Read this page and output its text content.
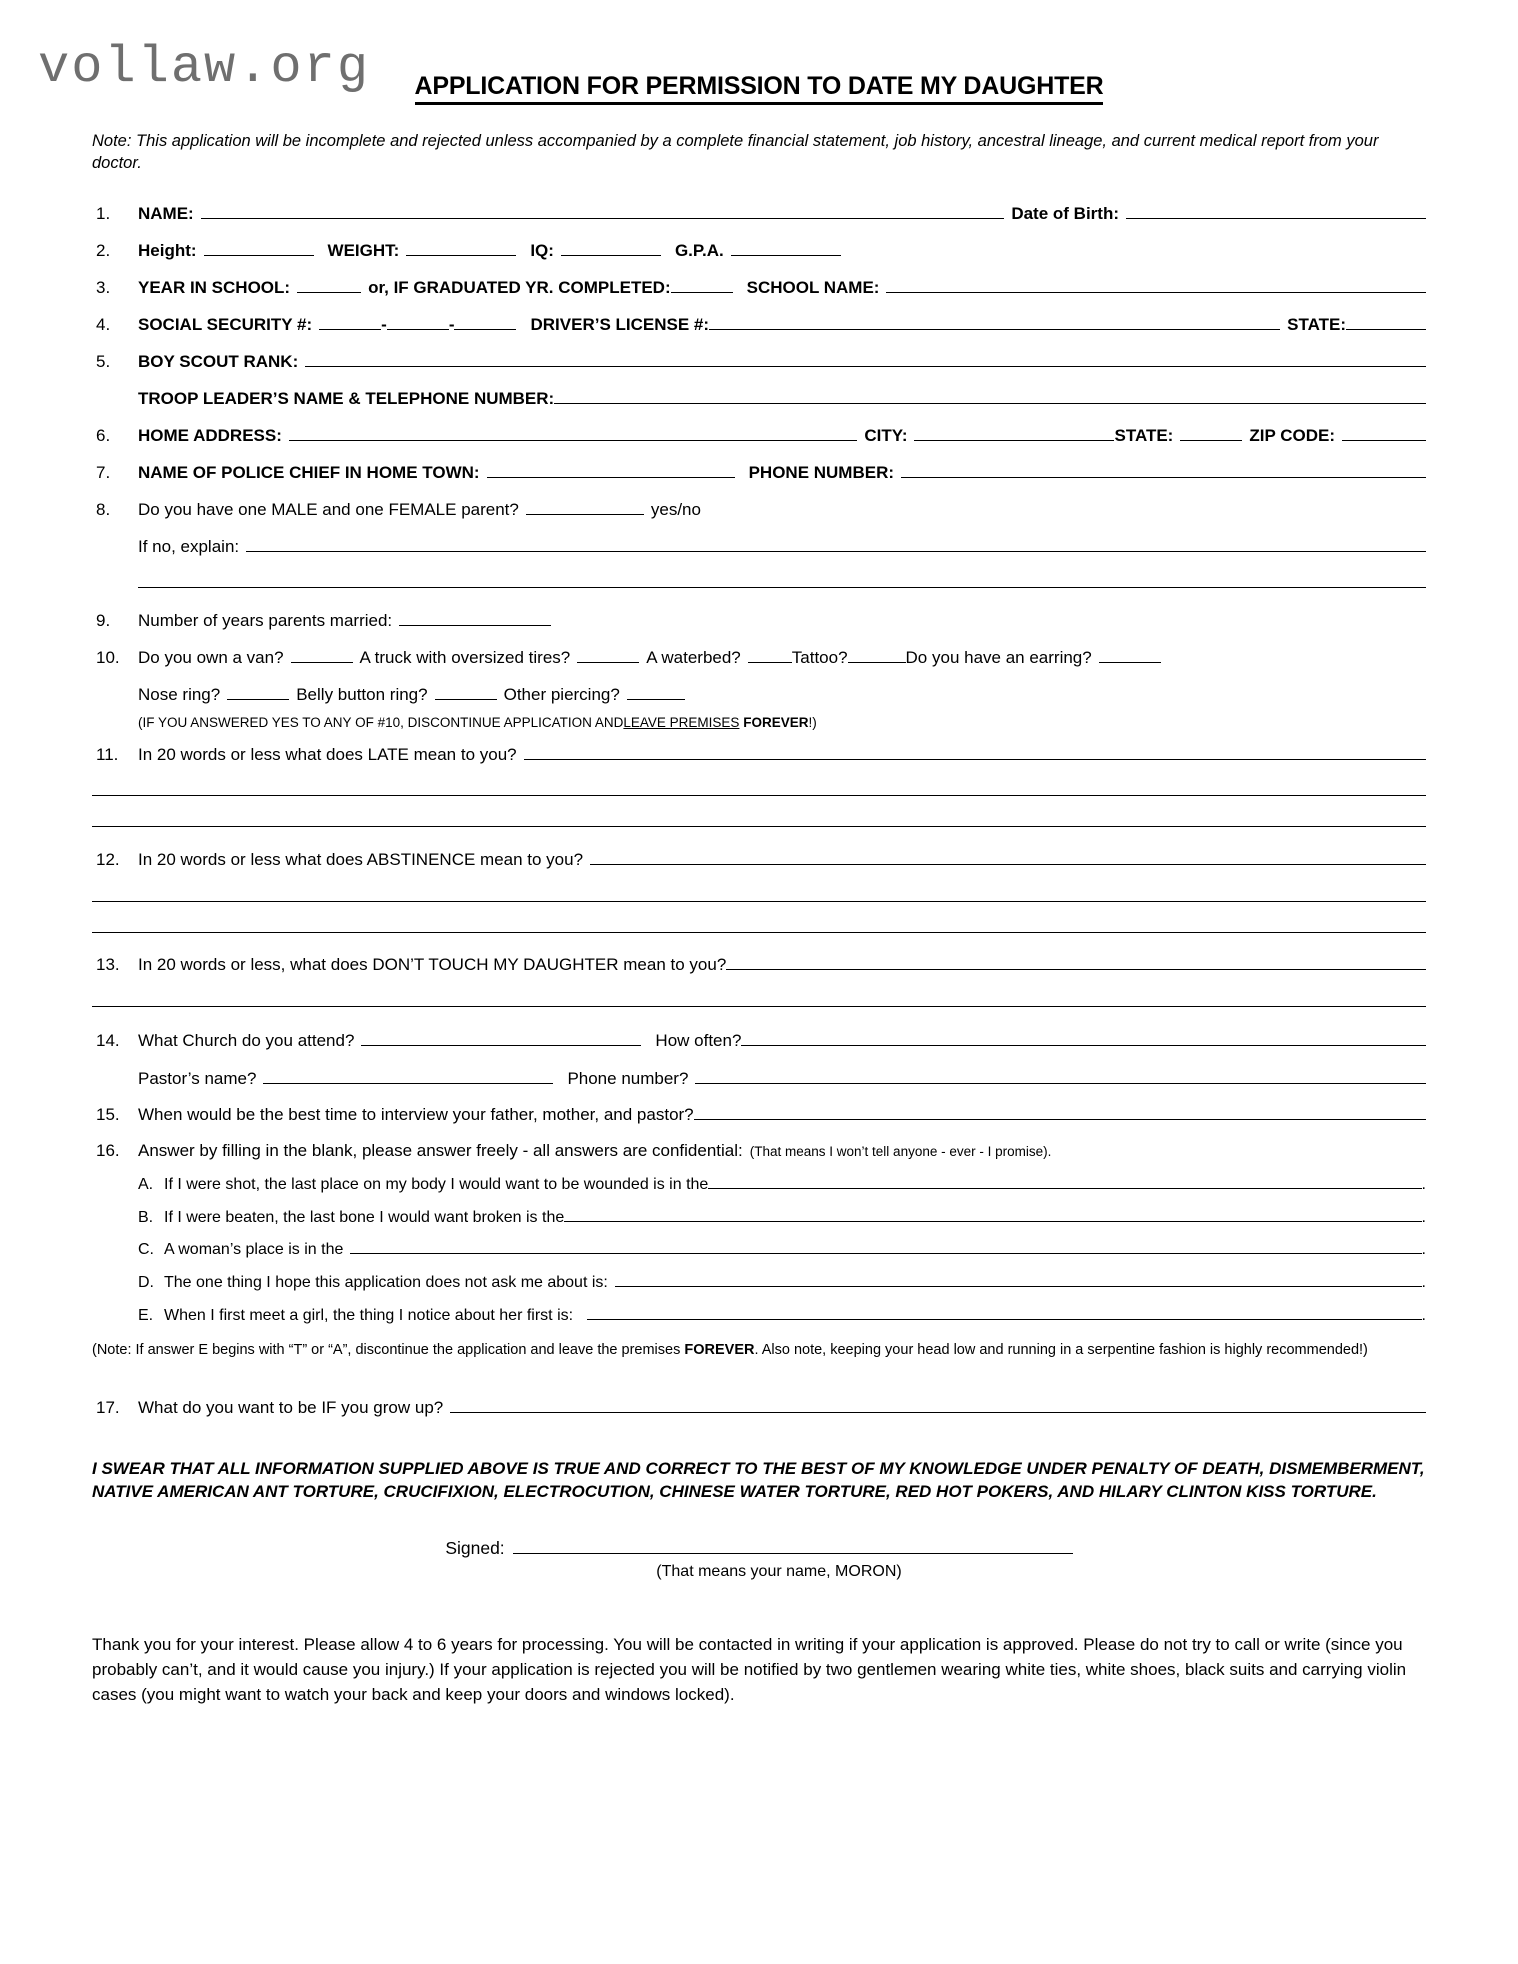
vollaw.org	APPLICATION FOR PERMISSION TO DATE MY DAUGHTER
Note: This application will be incomplete and rejected unless accompanied by a complete financial statement, job history, ancestral lineage, and current medical report from your doctor.
1.	NAME:	Date of Birth:
2.	Height:	WEIGHT:	IQ:	G.P.A.
3.	YEAR IN SCHOOL:	or, IF GRADUATED YR. COMPLETED:	SCHOOL NAME:
4.	SOCIAL SECURITY #:	-	-	DRIVER’S LICENSE #:	STATE:
5.	BOY SCOUT RANK:
TROOP LEADER’S NAME & TELEPHONE NUMBER:
6.	HOME ADDRESS:	CITY:	STATE:	ZIP CODE:
7.	NAME OF POLICE CHIEF IN HOME TOWN:	PHONE NUMBER:
8.	Do you have one MALE and one FEMALE parent?	yes/no
If no, explain:
9.	Number of years parents married:
10.	Do you own a van?	A truck with oversized tires?	A waterbed?	Tattoo?	Do you have an earring?
Nose ring?	Belly button ring?	Other piercing?
(IF YOU ANSWERED YES TO ANY OF #10, DISCONTINUE APPLICATION AND LEAVE PREMISES
FOREVER !)
11.	In 20 words or less what does LATE mean to you?
12.	In 20 words or less what does ABSTINENCE mean to you?
13.	In 20 words or less, what does DON’T TOUCH MY DAUGHTER mean to you?
14.	What Church do you attend?	How often?
Pastor’s name?	Phone number?
15.	When would be the best time to interview your father, mother, and pastor?
16.	Answer by filling in the blank, please answer freely - all answers are confidential: (That means I won’t tell anyone - ever - I promise).
A. If I were shot, the last place on my body I would want to be wounded is in the	.
B. If I were beaten, the last bone I would want broken is the	.
C. A woman’s place is in the	.
D. The one thing I hope this application does not ask me about is:	.
E. When I first meet a girl, the thing I notice about her first is:	.
(Note: If answer E begins with “T” or “A”, discontinue the application and leave the premises FOREVER. Also note, keeping your head low and running in a serpentine fashion is highly recommended!)
17.	What do you want to be IF you grow up?
I SWEAR THAT ALL INFORMATION SUPPLIED ABOVE IS TRUE AND CORRECT TO THE BEST OF MY KNOWLEDGE UNDER PENALTY OF DEATH, DISMEMBERMENT, NATIVE AMERICAN ANT TORTURE, CRUCIFIXION, ELECTROCUTION, CHINESE WATER TORTURE, RED HOT POKERS, AND HILARY CLINTON KISS TORTURE.
Signed:
(That means your name, MORON)
Thank you for your interest. Please allow 4 to 6 years for processing. You will be contacted in writing if your application is approved. Please do not try to call or write (since you probably can’t, and it would cause you injury.) If your application is rejected you will be notified by two gentlemen wearing white ties, white shoes, black suits and carrying violin cases (you might want to watch your back and keep your doors and windows locked).
